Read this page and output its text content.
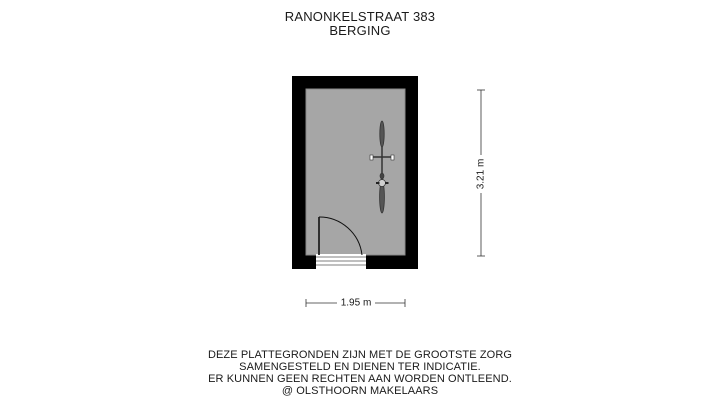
RANONKELSTRAAT 383
BERGING
3.21 m
1.95 m
DEZE PLATTEGRONDEN ZIJN MET DE GROOTSTE ZORG
SAMENGESTELD EN DIENEN TER INDICATIE.
ER KUNNEN GEEN RECHTEN AAN WORDEN ONTLEEND.
@ OLSTHOORN MAKELAARS
